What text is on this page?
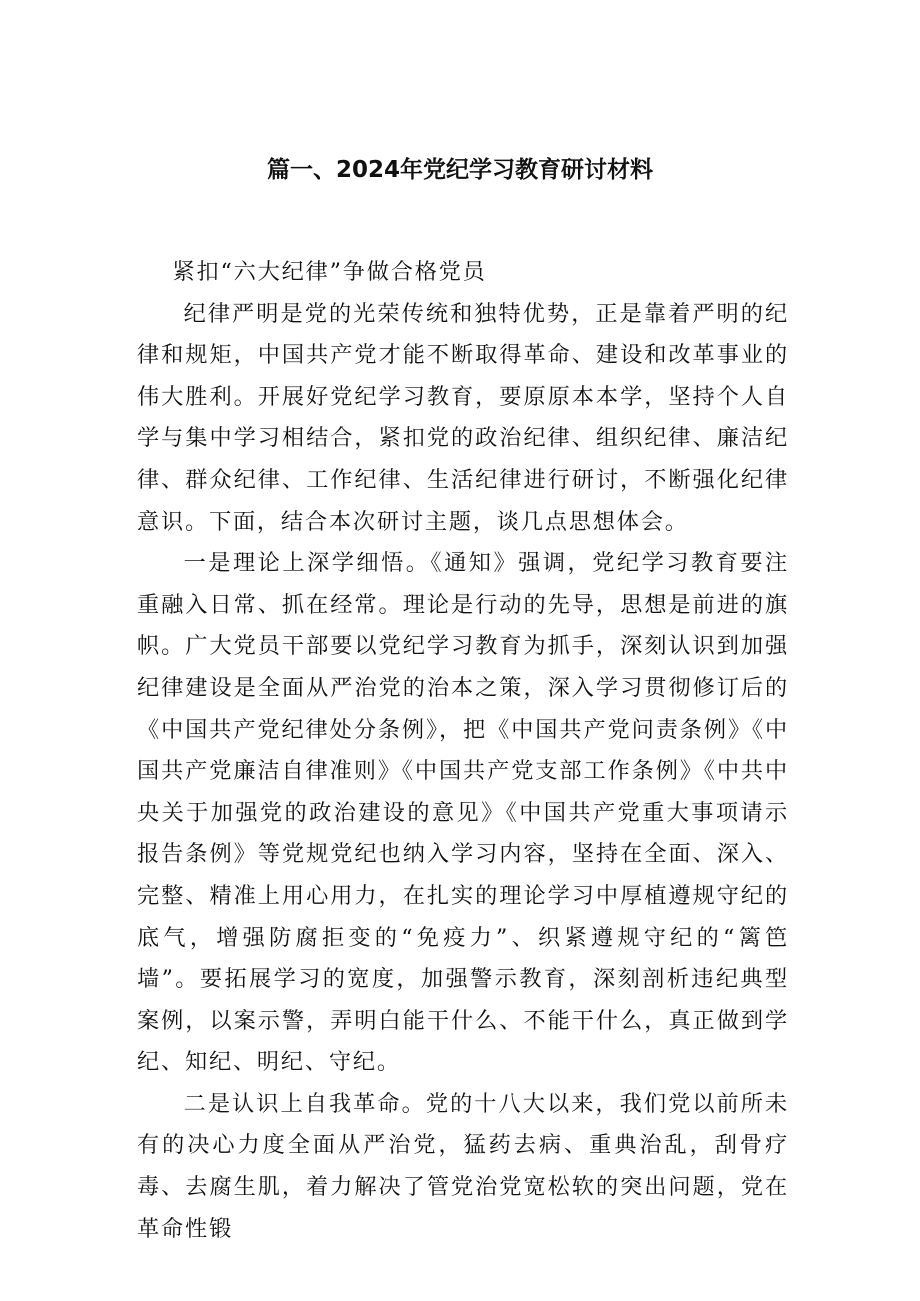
篇一、2024年党纪学习教育研讨材料

紧扣“六大纪律”争做合格党员

纪律严明是党的光荣传统和独特优势，正是靠着严明的纪律和规矩，中国共产党才能不断取得革命、建设和改革事业的伟大胜利。开展好党纪学习教育，要原原本本学，坚持个人自学与集中学习相结合，紧扣党的政治纪律、组织纪律、廉洁纪律、群众纪律、工作纪律、生活纪律进行研讨，不断强化纪律意识。下面，结合本次研讨主题，谈几点思想体会。

一是理论上深学细悟。《通知》强调，党纪学习教育要注重融入日常、抓在经常。理论是行动的先导，思想是前进的旗帜。广大党员干部要以党纪学习教育为抓手，深刻认识到加强纪律建设是全面从严治党的治本之策，深入学习贯彻修订后的《中国共产党纪律处分条例》，把《中国共产党问责条例》《中国共产党廉洁自律准则》《中国共产党支部工作条例》《中共中央关于加强党的政治建设的意见》《中国共产党重大事项请示报告条例》等党规党纪也纳入学习内容，坚持在全面、深入、完整、精准上用心用力，在扎实的理论学习中厚植遵规守纪的底气，增强防腐拒变的“免疫力”、织紧遵规守纪的“篱笆墙”。要拓展学习的宽度，加强警示教育，深刻剖析违纪典型案例，以案示警，弄明白能干什么、不能干什么，真正做到学纪、知纪、明纪、守纪。

二是认识上自我革命。党的十八大以来，我们党以前所未有的决心力度全面从严治党，猛药去病、重典治乱，刮骨疗毒、去腐生肌，着力解决了管党治党宽松软的突出问题，党在革命性锻
